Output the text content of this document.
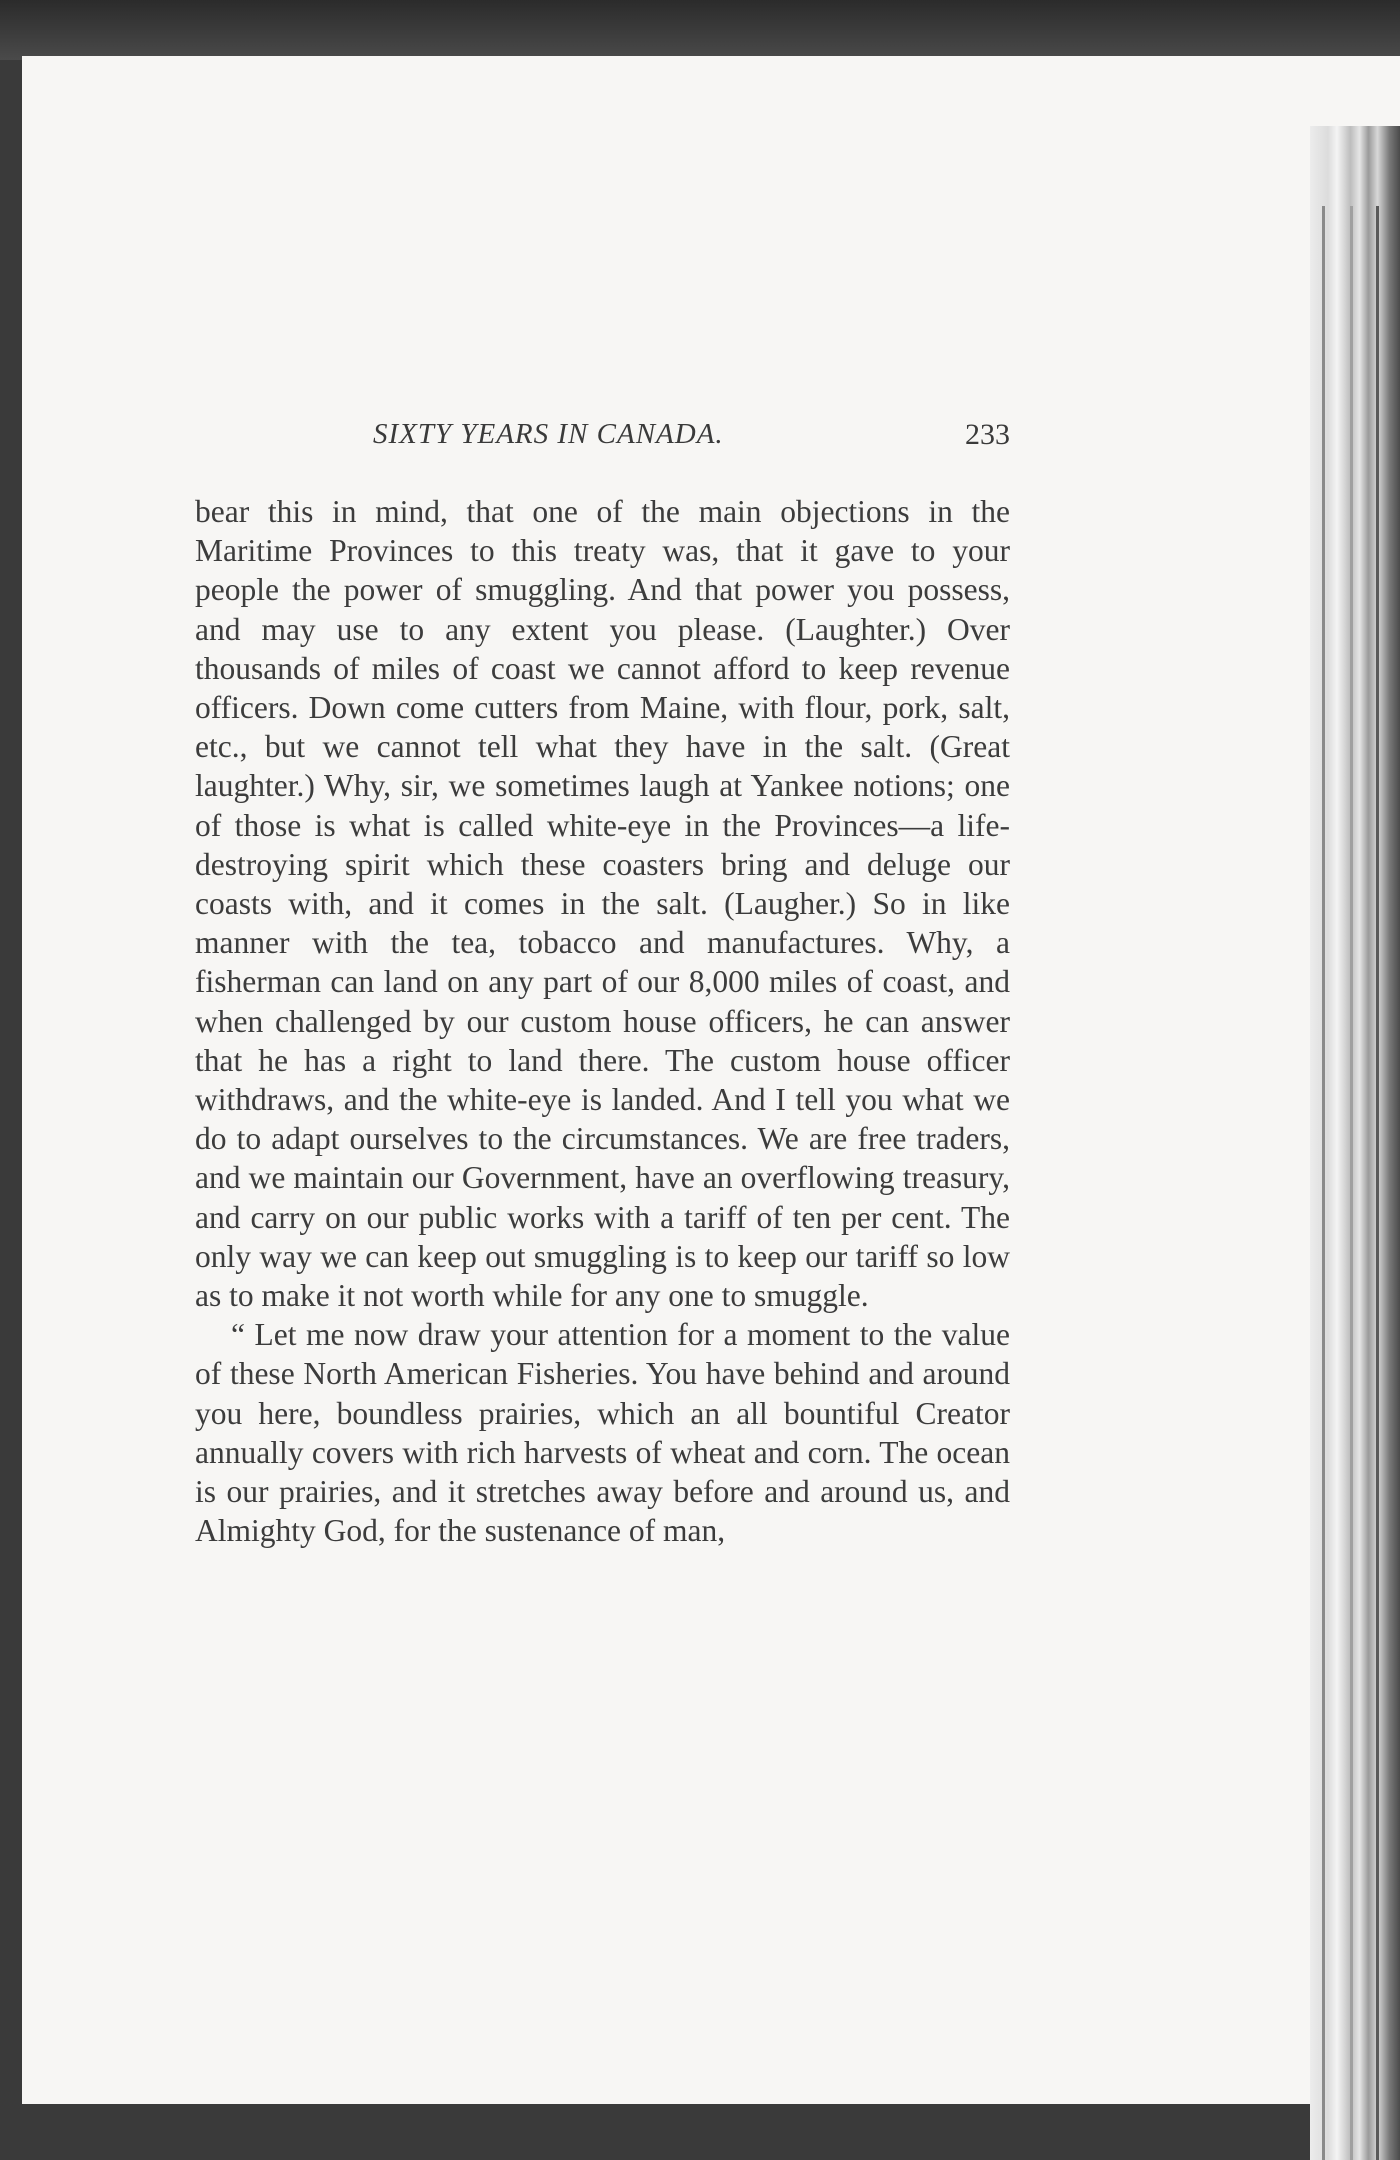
SIXTY YEARS IN CANADA.	233

bear this in mind, that one of the main objections in the Maritime Provinces to this treaty was, that it gave to your people the power of smuggling. And that power you possess, and may use to any extent you please. (Laughter.) Over thousands of miles of coast we cannot afford to keep revenue officers. Down come cutters from Maine, with flour, pork, salt, etc., but we cannot tell what they have in the salt. (Great laughter.) Why, sir, we sometimes laugh at Yankee notions; one of those is what is called white-eye in the Provinces—a life-destroying spirit which these coasters bring and deluge our coasts with, and it comes in the salt. (Laugher.) So in like manner with the tea, tobacco and manufactures. Why, a fisherman can land on any part of our 8,000 miles of coast, and when challenged by our custom house officers, he can answer that he has a right to land there. The custom house officer withdraws, and the white-eye is landed. And I tell you what we do to adapt ourselves to the circumstances. We are free traders, and we maintain our Government, have an overflowing treasury, and carry on our public works with a tariff of ten per cent. The only way we can keep out smuggling is to keep our tariff so low as to make it not worth while for any one to smuggle.

“ Let me now draw your attention for a moment to the value of these North American Fisheries. You have behind and around you here, boundless prairies, which an all bountiful Creator annually covers with rich harvests of wheat and corn. The ocean is our prairies, and it stretches away before and around us, and Almighty God, for the sustenance of man,
